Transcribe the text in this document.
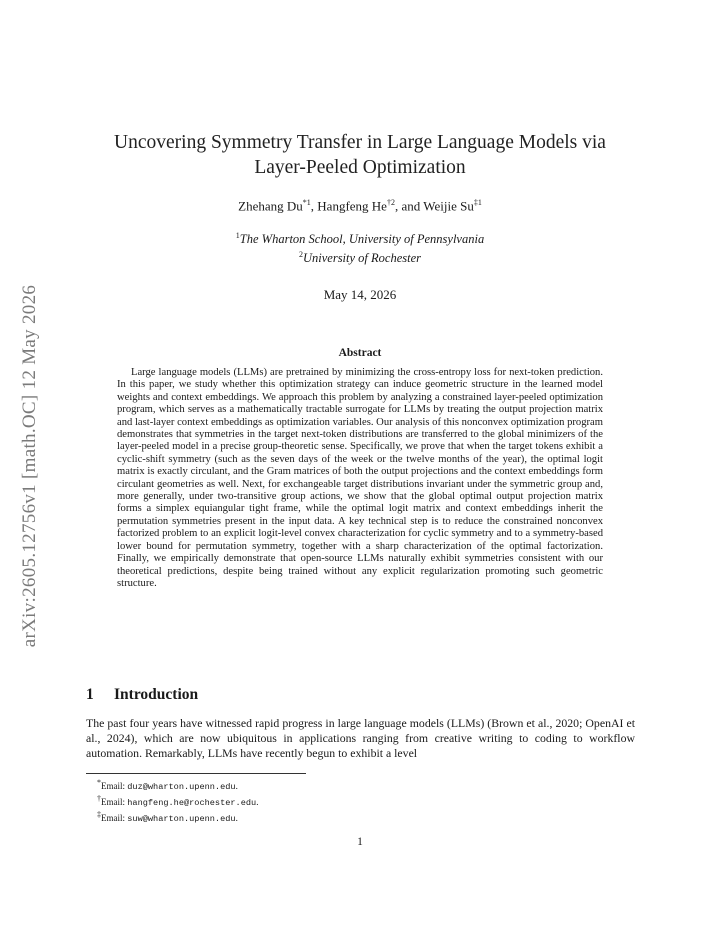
arXiv:2605.12756v1 [math.OC] 12 May 2026
Uncovering Symmetry Transfer in Large Language Models via Layer-Peeled Optimization
Zhehang Du$^{*1}$, Hangfeng He$^{\dagger 2}$, and Weijie Su$^{\ddagger 1}$
$^1$The Wharton School, University of Pennsylvania
$^2$University of Rochester
May 14, 2026
Abstract
Large language models (LLMs) are pretrained by minimizing the cross-entropy loss for next-token prediction. In this paper, we study whether this optimization strategy can induce geometric structure in the learned model weights and context embeddings. We approach this problem by analyzing a constrained layer-peeled optimization program, which serves as a mathematically tractable surrogate for LLMs by treating the output projection matrix and last-layer context embeddings as optimization variables. Our analysis of this nonconvex optimization program demonstrates that symmetries in the target next-token distributions are transferred to the global minimizers of the layer-peeled model in a precise group-theoretic sense. Specifically, we prove that when the target tokens exhibit a cyclic-shift symmetry (such as the seven days of the week or the twelve months of the year), the optimal logit matrix is exactly circulant, and the Gram matrices of both the output projections and the context embeddings form circulant geometries as well. Next, for exchangeable target distributions invariant under the symmetric group and, more generally, under two-transitive group actions, we show that the global optimal output projection matrix forms a simplex equiangular tight frame, while the optimal logit matrix and context embeddings inherit the permutation symmetries present in the input data. A key technical step is to reduce the constrained nonconvex factorized problem to an explicit logit-level convex characterization for cyclic symmetry and to a symmetry-based lower bound for permutation symmetry, together with a sharp characterization of the optimal factorization. Finally, we empirically demonstrate that open-source LLMs naturally exhibit symmetries consistent with our theoretical predictions, despite being trained without any explicit regularization promoting such geometric structure.
1 Introduction
The past four years have witnessed rapid progress in large language models (LLMs) (Brown et al., 2020; OpenAI et al., 2024), which are now ubiquitous in applications ranging from creative writing to coding to workflow automation. Remarkably, LLMs have recently begun to exhibit a level
*Email: duz@wharton.upenn.edu.
†Email: hangfeng.he@rochester.edu.
‡Email: suw@wharton.upenn.edu.
1
